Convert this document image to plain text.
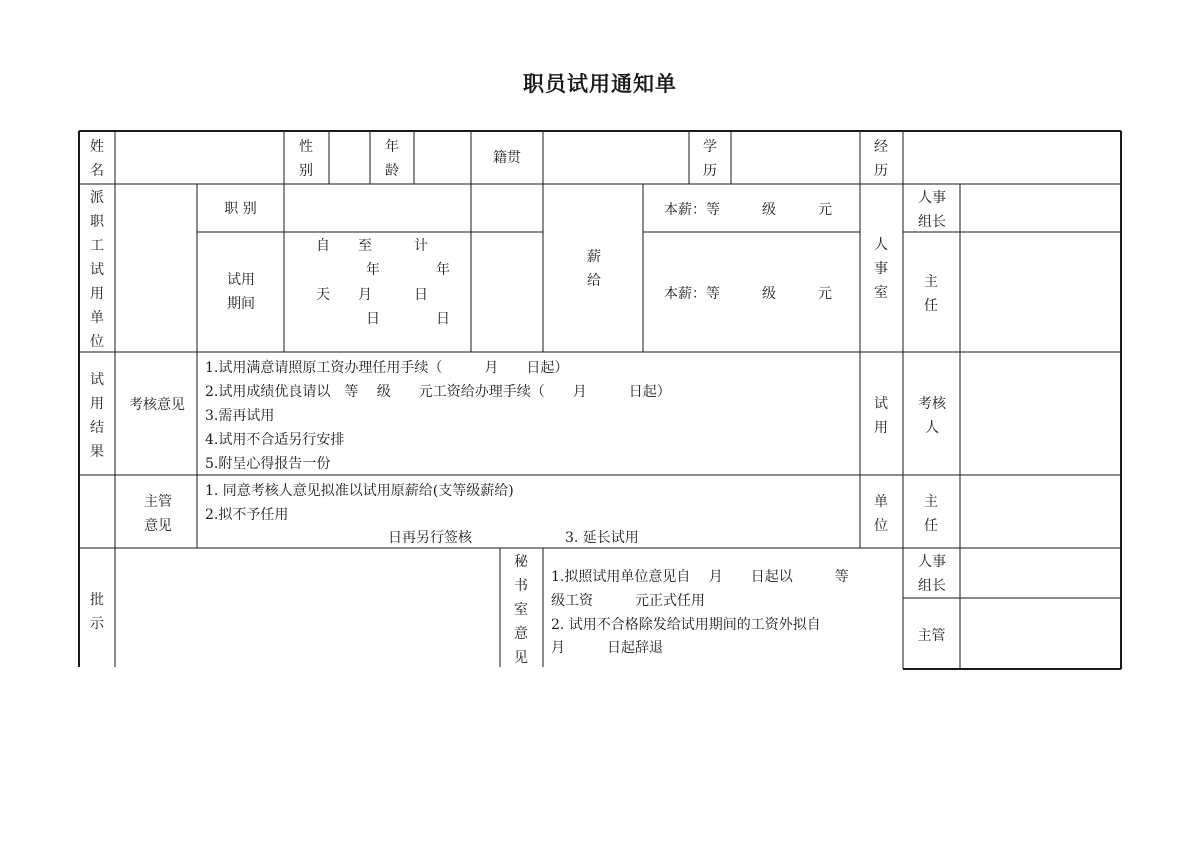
职员试用通知单
姓名
性别
年龄
籍贯
学历
经历
派职工试用单位
职 别
试用期间
自　　至　　　计
年　　　　年
天　　月　　　日
日　　　　日
薪给
本薪：等　　　级　　　元
本薪：等　　　级　　　元
人事室
人事组长
主任
试用结果
考核意见
1.试用满意请照原工资办理任用手续（　　　月　　日起）
2.试用成绩优良请以　等　 级　　元工资给办理手续（　　月　　　日起）
3.需再试用
4.试用不合适另行安排
5.附呈心得报告一份
试用
考核人
主管意见
1. 同意考核人意见拟准以试用原薪给(支等级薪给)
2.拟不予任用
日再另行签核	3. 延长试用
单位
主任
批示
秘书室意见
1.拟照试用单位意见自　 月　　日起以　　　等
级工资　　　元正式任用
2. 试用不合格除发给试用期间的工资外拟自
月　　　日起辞退
人事组长
主管
